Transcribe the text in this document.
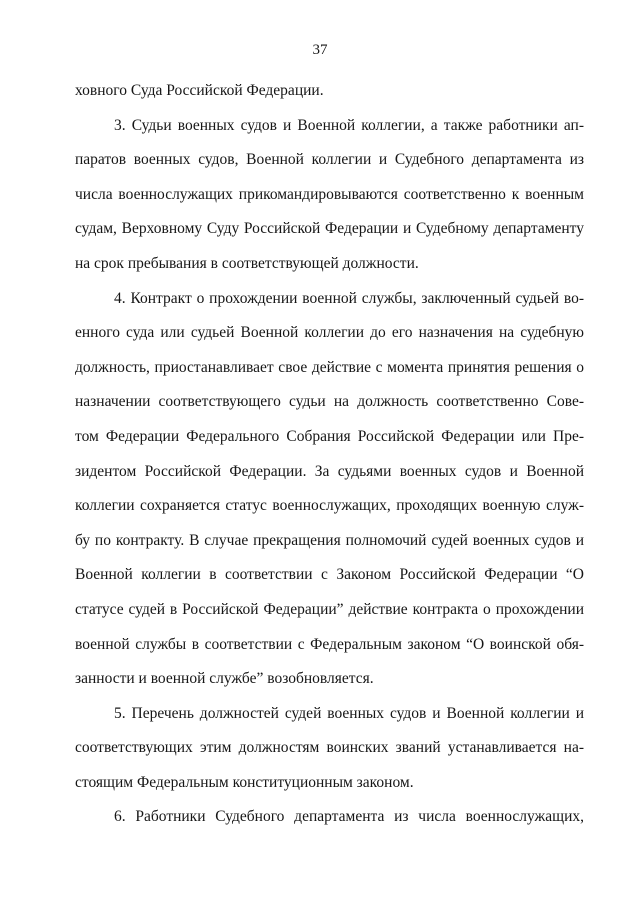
37
ховного Суда Российской Федерации.
3. Судьи военных судов и Военной коллегии, а также работники ап-
паратов военных судов, Военной коллегии и Судебного департамента из
числа военнослужащих прикомандировываются соответственно к военным
судам, Верховному Суду Российской Федерации и Судебному департаменту
на срок пребывания в соответствующей должности.
4. Контракт о прохождении военной службы, заключенный судьей во-
енного суда или судьей Военной коллегии до его назначения на судебную
должность, приостанавливает свое действие с момента принятия решения о
назначении соответствующего судьи на должность соответственно Сове-
том Федерации Федерального Собрания Российской Федерации или Пре-
зидентом Российской Федерации. За судьями военных судов и Военной
коллегии сохраняется статус военнослужащих, проходящих военную служ-
бу по контракту. В случае прекращения полномочий судей военных судов и
Военной коллегии в соответствии с Законом Российской Федерации “О
статусе судей в Российской Федерации” действие контракта о прохождении
военной службы в соответствии с Федеральным законом “О воинской обя-
занности и военной службе” возобновляется.
5. Перечень должностей судей военных судов и Военной коллегии и
соответствующих этим должностям воинских званий устанавливается на-
стоящим Федеральным конституционным законом.
6. Работники Судебного департамента из числа военнослужащих,
